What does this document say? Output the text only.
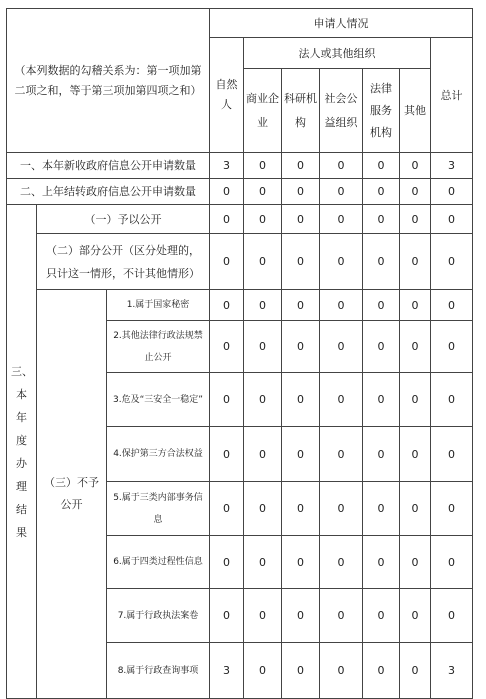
（本列数据的勾稽关系为：第一项加第二项之和，等于第三项加第四项之和）			申请人情况						
			自然人	法人或其他组织					总计
				商业企业	科研机构	社会公益组织	法律服务机构	其他	
一、本年新收政府信息公开申请数量			3	0	0	0	0	0	3
二、上年结转政府信息公开申请数量			0	0	0	0	0	0	0
三、本年度办理结果	（一）予以公开		0	0	0	0	0	0	0
	（二）部分公开（区分处理的，只计这一情形，不计其他情形）		0	0	0	0	0	0	0
	（三）不予公开	1.属于国家秘密	0	0	0	0	0	0	0
		2.其他法律行政法规禁止公开	0	0	0	0	0	0	0
		3.危及“三安全一稳定”	0	0	0	0	0	0	0
		4.保护第三方合法权益	0	0	0	0	0	0	0
		5.属于三类内部事务信息	0	0	0	0	0	0	0
		6.属于四类过程性信息	0	0	0	0	0	0	0
		7.属于行政执法案卷	0	0	0	0	0	0	0
		8.属于行政查询事项	3	0	0	0	0	0	3
